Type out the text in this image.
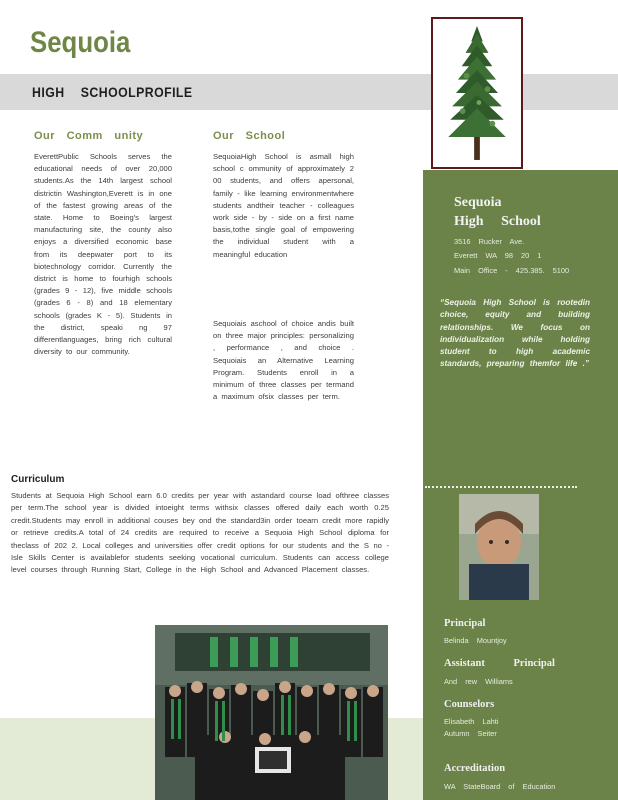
Sequoia
HIGH SCHOOLPROFILE
Our Comm unity
EverettPublic Schools serves the educational needs of over 20,000 students.As the 14th largest school districtin Washington,Everett is in one of the fastest growing areas of the state. Home to Boeing's largest manufacturing site, the county also enjoys a diversified economic base from its deepwater port to its biotechnology corridor. Currently the district is home to fourhigh schools (grades 9 - 12), five middle schools (grades 6 - 8) and 18 elementary schools (grades K - 5). Students in the district, speaki ng 97 differentlanguages, bring rich cultural diversity to our community.
Our School
SequoiaHigh School is asmall high school c ommunity of approximately 2 00 students, and offers apersonal, family - like learning environmentwhere students andtheir teacher - colleagues work side - by - side on a first name basis,tothe single goal of empowering the individual student with a meaningful education
Sequoiais aschool of choice andis built on three major principles: personalizing , performance , and choice . Sequoiais an Alternative Learning Program. Students enroll in a minimum of three classes per termand a maximum ofsix classes per term.
Curriculum
Students at Sequoia High School earn 6.0 credits per year with astandard course load ofthree classes per term.The school year is divided intoeight terms withsix classes offered daily each worth 0.25 credit.Students may enroll in additional couses bey ond the standard3in order toearn credit more rapidly or retrieve credits.A total of 24 credits are required to receive a Sequoia High School diploma for theclass of 202 2. Local colleges and universities offer credit options for our students and the S no - Isle Skills Center is availablefor students seeking vocational curriculum. Students can access college level courses through Running Start, College in the High School and Advanced Placement classes.
Sequoia
High School
3516 Rucker Ave.
Everett WA 98 20 1
Main Office - 425.385. 5100
“Sequoia High School is rootedin choice, equity and building relationships. We focus on individualization while holding student to high academic standards, preparing themfor life .”
Principal
Belinda Mountjoy
Assistant Principal
And rew Williams
Counselors
Elisabeth Lahti
Autumn Seiter
Accreditation
WA StateBoard of Education
